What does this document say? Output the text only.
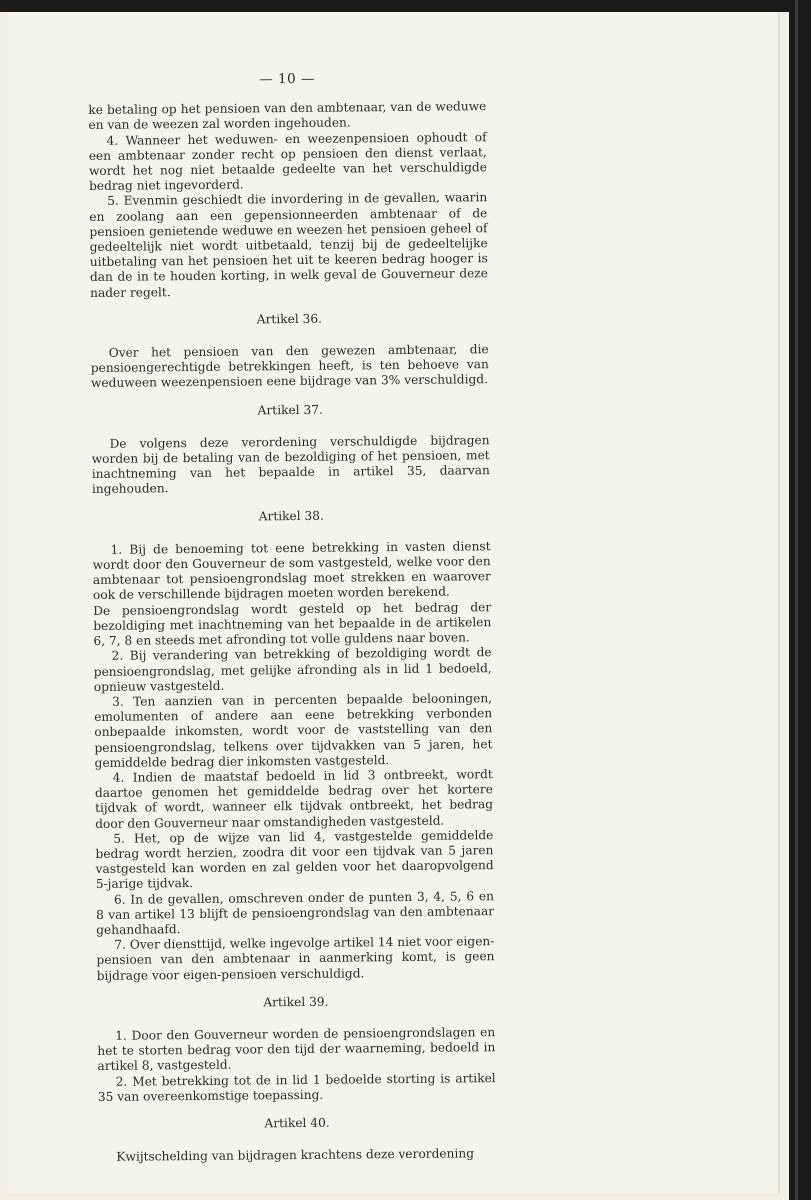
— 10 —

ke betaling op het pensioen van den ambtenaar, van de weduwe en van de weezen zal worden ingehouden.

4. Wanneer het weduwen- en weezenpensioen ophoudt of een ambtenaar zonder recht op pensioen den dienst verlaat, wordt het nog niet betaalde gedeelte van het verschuldigde bedrag niet ingevorderd.

5. Evenmin geschiedt die invordering in de gevallen, waarin en zoolang aan een gepensionneerden ambtenaar of de pensioen genietende weduwe en weezen het pensioen geheel of gedeeltelijk niet wordt uitbetaald, tenzij bij de gedeeltelijke uitbetaling van het pensioen het uit te keeren bedrag hooger is dan de in te houden korting, in welk geval de Gouverneur deze nader regelt.

Artikel 36.

Over het pensioen van den gewezen ambtenaar, die pensioengerechtigde betrekkingen heeft, is ten behoeve van weduween weezenpensioen eene bijdrage van 3% verschuldigd.

Artikel 37.

De volgens deze verordening verschuldigde bijdragen worden bij de betaling van de bezoldiging of het pensioen, met inachtneming van het bepaalde in artikel 35, daarvan ingehouden.

Artikel 38.

1. Bij de benoeming tot eene betrekking in vasten dienst wordt door den Gouverneur de som vastgesteld, welke voor den ambtenaar tot pensioengrondslag moet strekken en waarover ook de verschillende bijdragen moeten worden berekend.

De pensioengrondslag wordt gesteld op het bedrag der bezoldiging met inachtneming van het bepaalde in de artikelen 6, 7, 8 en steeds met afronding tot volle guldens naar boven.

2. Bij verandering van betrekking of bezoldiging wordt de pensioengrondslag, met gelijke afronding als in lid 1 bedoeld, opnieuw vastgesteld.

3. Ten aanzien van in percenten bepaalde belooningen, emolumenten of andere aan eene betrekking verbonden onbepaalde inkomsten, wordt voor de vaststelling van den pensioengrondslag, telkens over tijdvakken van 5 jaren, het gemiddelde bedrag dier inkomsten vastgesteld.

4. Indien de maatstaf bedoeld in lid 3 ontbreekt, wordt daartoe genomen het gemiddelde bedrag over het kortere tijdvak of wordt, wanneer elk tijdvak ontbreekt, het bedrag door den Gouverneur naar omstandigheden vastgesteld.

5. Het, op de wijze van lid 4, vastgestelde gemiddelde bedrag wordt herzien, zoodra dit voor een tijdvak van 5 jaren vastgesteld kan worden en zal gelden voor het daaropvolgend 5-jarige tijdvak.

6. In de gevallen, omschreven onder de punten 3, 4, 5, 6 en 8 van artikel 13 blijft de pensioengrondslag van den ambtenaar gehandhaafd.

7. Over diensttijd, welke ingevolge artikel 14 niet voor eigen-pensioen van den ambtenaar in aanmerking komt, is geen bijdrage voor eigen-pensioen verschuldigd.

Artikel 39.

1. Door den Gouverneur worden de pensioengrondslagen en het te storten bedrag voor den tijd der waarneming, bedoeld in artikel 8, vastgesteld.

2. Met betrekking tot de in lid 1 bedoelde storting is artikel 35 van overeenkomstige toepassing.

Artikel 40.

Kwijtschelding van bijdragen krachtens deze verordening
